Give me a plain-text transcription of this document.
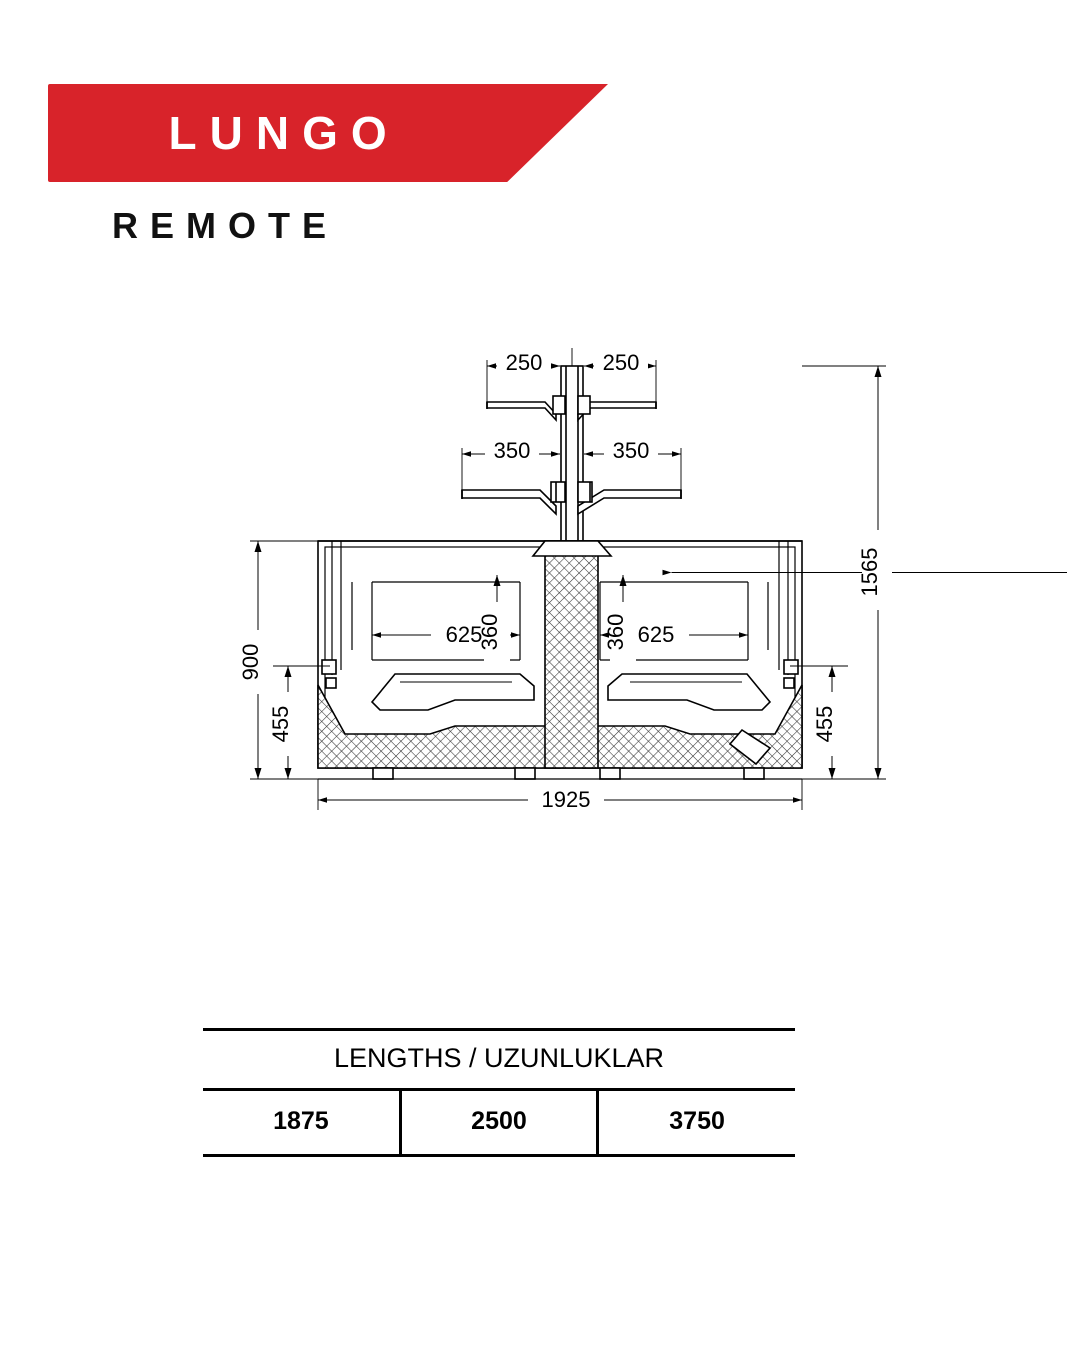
LUNGO
REMOTE
250	250
350	350
625	625
360	360
1565
900
455	455
1925
LENGTHS / UZUNLUKLAR
1875	2500	3750
